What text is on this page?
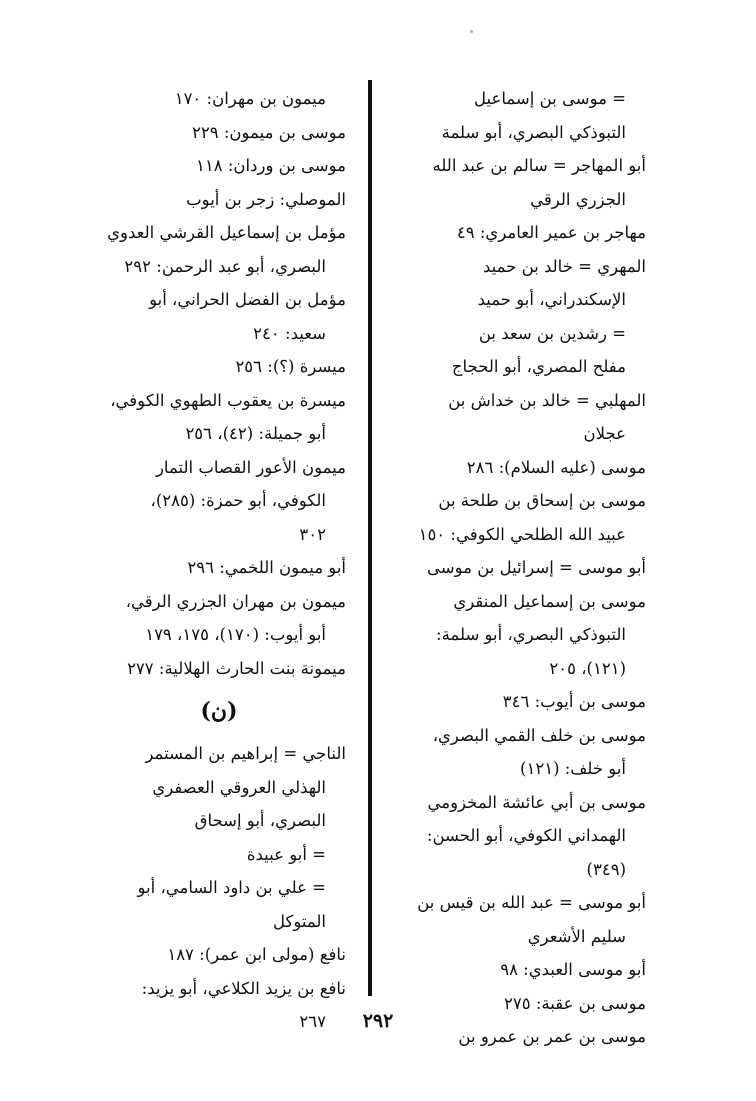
= موسى بن إسماعيل
التبوذكي البصري، أبو سلمة
أبو المهاجر = سالم بن عبد الله
الجزري الرقي
مهاجر بن عمير العامري: ٤٩
المهري = خالد بن حميد
الإسكندراني، أبو حميد
= رشدين بن سعد بن
مفلح المصري، أبو الحجاج
المهلبي = خالد بن خداش بن
عجلان
موسى (عليه السلام): ٢٨٦
موسى بن إسحاق بن طلحة بن
عبيد الله الطلحي الكوفي: ١٥٠
أبو موسى = إسرائيل بن موسى
موسى بن إسماعيل المنقري
التبوذكي البصري، أبو سلمة:
(١٢١)، ٢٠٥
موسى بن أيوب: ٣٤٦
موسى بن خلف القمي البصري،
أبو خلف: (١٢١)
موسى بن أبي عائشة المخزومي
الهمداني الكوفي، أبو الحسن:
(٣٤٩)
أبو موسى = عبد الله بن قيس بن
سليم الأشعري
أبو موسى العبدي: ٩٨
موسى بن عقبة: ٢٧٥
موسى بن عمر بن عمرو بن
ميمون بن مهران: ١٧٠
موسى بن ميمون: ٢٢٩
موسى بن وردان: ١١٨
الموصلي: زجر بن أيوب
مؤمل بن إسماعيل القرشي العدوي
البصري، أبو عبد الرحمن: ٢٩٢
مؤمل بن الفضل الحراني، أبو
سعيد: ٢٤٠
ميسرة (؟): ٢٥٦
ميسرة بن يعقوب الطهوي الكوفي،
أبو جميلة: (٤٢)، ٢٥٦
ميمون الأعور القصاب التمار
الكوفي، أبو حمزة: (٢٨٥)،
٣٠٢
أبو ميمون اللخمي: ٢٩٦
ميمون بن مهران الجزري الرقي،
أبو أيوب: (١٧٠)، ١٧٥، ١٧٩
ميمونة بنت الحارث الهلالية: ٢٧٧
(ن)
الناجي = إبراهيم بن المستمر
الهذلي العروقي العصفري
البصري، أبو إسحاق
= أبو عبيدة
= علي بن داود السامي، أبو
المتوكل
نافع (مولى ابن عمر): ١٨٧
نافع بن يزيد الكلاعي، أبو يزيد:
٢٦٧	٢٩٢
